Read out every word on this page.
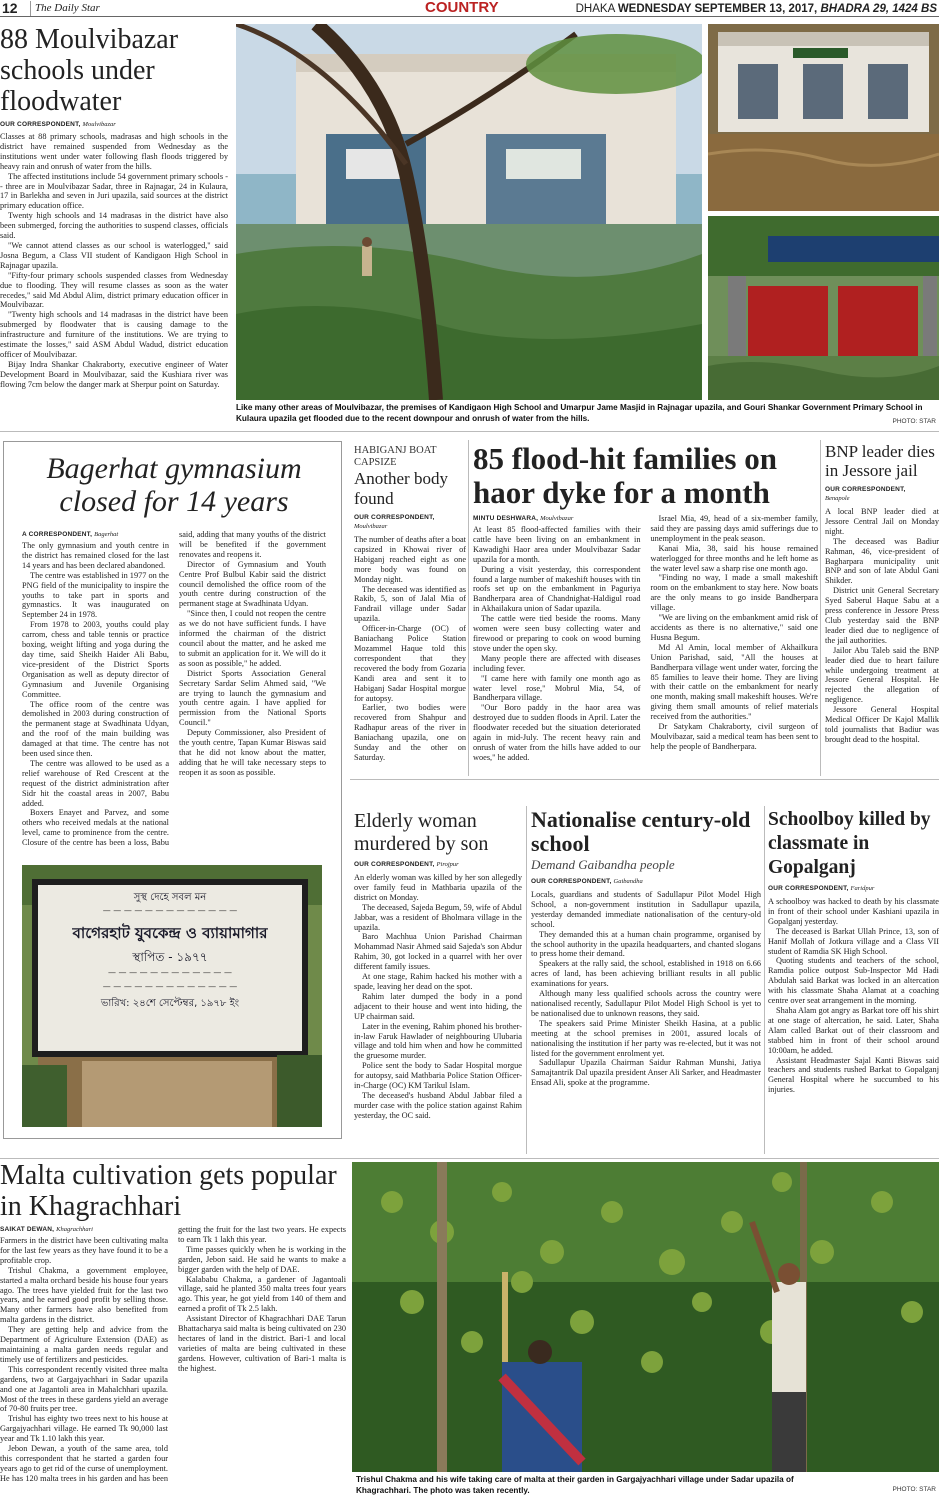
12	The Daily Star	COUNTRY	DHAKA WEDNESDAY SEPTEMBER 13, 2017, BHADRA 29, 1424 BS
88 Moulvibazar schools under floodwater
OUR CORRESPONDENT, Moulvibazar

Classes at 88 primary schools, madrasas and high schools in the district have remained suspended from Wednesday as the institutions went under water following flash floods triggered by heavy rain and onrush of water from the hills.

The affected institutions include 54 government primary schools -- three are in Moulvibazar Sadar, three in Rajnagar, 24 in Kulaura, 17 in Barlekha and seven in Juri upazila, said sources at the district primary education office.

Twenty high schools and 14 madrasas in the district have also been submerged, forcing the authorities to suspend classes, officials said.

"We cannot attend classes as our school is waterlogged," said Josna Begum, a Class VII student of Kandigaon High School in Rajnagar upazila.

"Fifty-four primary schools suspended classes from Wednesday due to flooding. They will resume classes as soon as the water recedes," said Md Abdul Alim, district primary education officer in Moulvibazar.

"Twenty high schools and 14 madrasas in the district have been submerged by floodwater that is causing damage to the infrastructure and furniture of the institutions. We are trying to estimate the losses," said ASM Abdul Wadud, district education officer of Moulvibazar.

Bijay Indra Shankar Chakraborty, executive engineer of Water Development Board in Moulvibazar, said the Kushiara river was flowing 7cm below the danger mark at Sherpur point on Saturday.

Like many other areas of Moulvibazar, the premises of Kandigaon High School and Umarpur Jame Masjid in Rajnagar upazila, and Gouri Shankar Government Primary School in Kulaura upazila get flooded due to the recent downpour and onrush of water from the hills.	PHOTO: STAR
Bagerhat gymnasium closed for 14 years
A CORRESPONDENT, Bagerhat

The only gymnasium and youth centre in the district has remained closed for the last 14 years and has been declared abandoned.

The centre was established in 1977 on the PNG field of the municipality to inspire the youths to take part in sports and gymnastics. It was inaugurated on September 24 in 1978.

From 1978 to 2003, youths could play carrom, chess and table tennis or practice boxing, weight lifting and yoga during the day time, said Sheikh Haider Ali Babu, vice-president of the District Sports Organisation as well as deputy director of Gymnasium and Juvenile Organising Committee.

The office room of the centre was demolished in 2003 during construction of the permanent stage at Swadhinata Udyan, and the roof of the main building was damaged at that time. The centre has not been used since then.

The centre was allowed to be used as a relief warehouse of Red Crescent at the request of the district administration after Sidr hit the coastal areas in 2007, Babu added.

Boxers Enayet and Parvez, and some others who received medals at the national level, came to prominence from the centre. Closure of the centre has been a loss, Babu said, adding that many youths of the district will be benefited if the government renovates and reopens it.

Director of Gymnasium and Youth Centre Prof Bulbul Kabir said the district council demolished the office room of the youth centre during construction of the permanent stage at Swadhinata Udyan.

"Since then, I could not reopen the centre as we do not have sufficient funds. I have informed the chairman of the district council about the matter, and he asked me to submit an application for it. We will do it as soon as possible," he added.

District Sports Association General Secretary Sardar Selim Ahmed said, "We are trying to launch the gymnasium and youth centre again. I have applied for permission from the National Sports Council."

Deputy Commissioner, also President of the youth centre, Tapan Kumar Biswas said that he did not know about the matter, adding that he will take necessary steps to reopen it as soon as possible.

সুস্থ দেহে সবল মন
— — — — — — — — — — — — —
বাগেরহাট যুবকেন্দ্র ও ব্যায়ামাগার
স্থাপিত - ১৯৭৭
— — — — — — — — — — — —
— — — — — — — — — — — — —
ভারিখ: ২৪শে সেপ্টেম্বর, ১৯৭৮ ইং
HABIGANJ BOAT CAPSIZE
Another body found
OUR CORRESPONDENT,
Moulvibazar

The number of deaths after a boat capsized in Khowai river of Habiganj reached eight as one more body was found on Monday night.

The deceased was identified as Rakib, 5, son of Jalal Mia of Fandrail village under Sadar upazila.

Officer-in-Charge (OC) of Baniachang Police Station Mozammel Haque told this correspondent that they recovered the body from Gozaria Kandi area and sent it to Habiganj Sadar Hospital morgue for autopsy.

Earlier, two bodies were recovered from Shahpur and Radhapur areas of the river in Baniachang upazila, one on Sunday and the other on Saturday.

85 flood-hit families on haor dyke for a month
MINTU DESHWARA, Moulvibazar

At least 85 flood-affected families with their cattle have been living on an embankment in Kawadighi Haor area under Moulvibazar Sadar upazila for a month.

During a visit yesterday, this correspondent found a large number of makeshift houses with tin roofs set up on the embankment in Paguriya Bandherpara area of Chandnighat-Haldigul road in Akhailakura union of Sadar upazila.

The cattle were tied beside the rooms. Many women were seen busy collecting water and firewood or preparing to cook on wood burning stove under the open sky.

Many people there are affected with diseases including fever.

"I came here with family one month ago as water level rose," Mobrul Mia, 54, of Bandherpara village.

"Our Boro paddy in the haor area was destroyed due to sudden floods in April. Later the floodwater receded but the situation deteriorated again in mid-July. The recent heavy rain and onrush of water from the hills have added to our woes," he added.

Israel Mia, 49, head of a six-member family, said they are passing days amid sufferings due to unemployment in the peak season.

Kanai Mia, 38, said his house remained waterlogged for three months and he left home as the water level saw a sharp rise one month ago.

"Finding no way, I made a small makeshift room on the embankment to stay here. Now boats are the only means to go inside Bandherpara village.

"We are living on the embankment amid risk of accidents as there is no alternative," said one Husna Begum.

Md Al Amin, local member of Akhailkura Union Parishad, said, "All the houses at Bandherpara village went under water, forcing the 85 families to leave their home. They are living with their cattle on the embankment for nearly one month, making small makeshift houses. We're giving them small amounts of relief materials received from the authorities."

Dr Satykam Chakraborty, civil surgeon of Moulvibazar, said a medical team has been sent to help the people of Bandherpara.

BNP leader dies in Jessore jail
OUR CORRESPONDENT,
Benapole

A local BNP leader died at Jessore Central Jail on Monday night.

The deceased was Badiur Rahman, 46, vice-president of Bagharpara municipality unit BNP and son of late Abdul Gani Shikder.

District unit General Secretary Syed Saberul Haque Sabu at a press conference in Jessore Press Club yesterday said the BNP leader died due to negligence of the jail authorities.

Jailor Abu Taleb said the BNP leader died due to heart failure while undergoing treatment at Jessore General Hospital. He rejected the allegation of negligence.

Jessore General Hospital Medical Officer Dr Kajol Mallik told journalists that Badiur was brought dead to the hospital.

Elderly woman murdered by son
OUR CORRESPONDENT, Pirojpur

An elderly woman was killed by her son allegedly over family feud in Mathbaria upazila of the district on Monday.

The deceased, Sajeda Begum, 59, wife of Abdul Jabbar, was a resident of Bholmara village in the upazila.

Baro Machhua Union Parishad Chairman Mohammad Nasir Ahmed said Sajeda's son Abdur Rahim, 30, got locked in a quarrel with her over different family issues.

At one stage, Rahim hacked his mother with a spade, leaving her dead on the spot.

Rahim later dumped the body in a pond adjacent to their house and went into hiding, the UP chairman said.

Later in the evening, Rahim phoned his brother-in-law Faruk Hawlader of neighbouring Ulubaria village and told him when and how he committed the gruesome murder.

Police sent the body to Sadar Hospital morgue for autopsy, said Mathbaria Police Station Officer-in-Charge (OC) KM Tarikul Islam.

The deceased's husband Abdul Jabbar filed a murder case with the police station against Rahim yesterday, the OC said.

Nationalise century-old school
Demand Gaibandha people
OUR CORRESPONDENT, Gaibandha

Locals, guardians and students of Sadullapur Pilot Model High School, a non-government institution in Sadullapur upazila, yesterday demanded immediate nationalisation of the century-old school.

They demanded this at a human chain programme, organised by the school authority in the upazila headquarters, and chanted slogans to press home their demand.

Speakers at the rally said, the school, established in 1918 on 6.66 acres of land, has been achieving brilliant results in all public examinations for years.

Although many less qualified schools across the country were nationalised recently, Sadullapur Pilot Model High School is yet to be nationalised due to unknown reasons, they said.

The speakers said Prime Minister Sheikh Hasina, at a public meeting at the school premises in 2001, assured locals of nationalising the institution if her party was re-elected, but it was not listed for the government enrolment yet.

Sadullapur Upazila Chairman Saidur Rahman Munshi, Jatiya Samajtantrik Dal upazila president Anser Ali Sarker, and Headmaster Ensad Ali, spoke at the programme.

Schoolboy killed by classmate in Gopalganj
OUR CORRESPONDENT, Faridpur

A schoolboy was hacked to death by his classmate in front of their school under Kashiani upazila in Gopalganj yesterday.

The deceased is Barkat Ullah Prince, 13, son of Hanif Mollah of Jotkura village and a Class VII student of Ramdia SK High School.

Quoting students and teachers of the school, Ramdia police outpost Sub-Inspector Md Hadi Abdulah said Barkat was locked in an altercation with his classmate Shaha Alamat at a coaching centre over seat arrangement in the morning.

Shaha Alam got angry as Barkat tore off his shirt at one stage of altercation, he said. Later, Shaha Alam called Barkat out of their classroom and stabbed him in front of their school around 10:00am, he added.

Assistant Headmaster Sajal Kanti Biswas said teachers and students rushed Barkat to Gopalganj General Hospital where he succumbed to his injuries.

Malta cultivation gets popular in Khagrachhari
SAIKAT DEWAN, Khagrachhari

Farmers in the district have been cultivating malta for the last few years as they have found it to be a profitable crop.

Trishul Chakma, a government employee, started a malta orchard beside his house four years ago. The trees have yielded fruit for the last two years, and he earned good profit by selling those. Many other farmers have also benefited from malta gardens in the district.

They are getting help and advice from the Department of Agriculture Extension (DAE) as maintaining a malta garden needs regular and timely use of fertilizers and pesticides.

This correspondent recently visited three malta gardens, two at Gargajyachhari in Sadar upazila and one at Jagantoli area in Mahalchhari upazila. Most of the trees in these gardens yield an average of 70-80 fruits per tree.

Trishul has eighty two trees next to his house at Gargajyachhari village. He earned Tk 90,000 last year and Tk 1.10 lakh this year.

Jebon Dewan, a youth of the same area, told this correspondent that he started a garden four years ago to get rid of the curse of unemployment. He has 120 malta trees in his garden and has been getting the fruit for the last two years. He expects to earn Tk 1 lakh this year.

Time passes quickly when he is working in the garden, Jebon said. He said he wants to make a bigger garden with the help of DAE.

Kalababu Chakma, a gardener of Jagantoali village, said he planted 350 malta trees four years ago. This year, he got yield from 140 of them and earned a profit of Tk 2.5 lakh.

Assistant Director of Khagrachhari DAE Tarun Bhattacharya said malta is being cultivated on 230 hectares of land in the district. Bari-1 and local varieties of malta are being cultivated in these gardens. However, cultivation of Bari-1 malta is the highest.

Trishul Chakma and his wife taking care of malta at their garden in Gargajyachhari village under Sadar upazila of Khagrachhari. The photo was taken recently.	PHOTO: STAR
